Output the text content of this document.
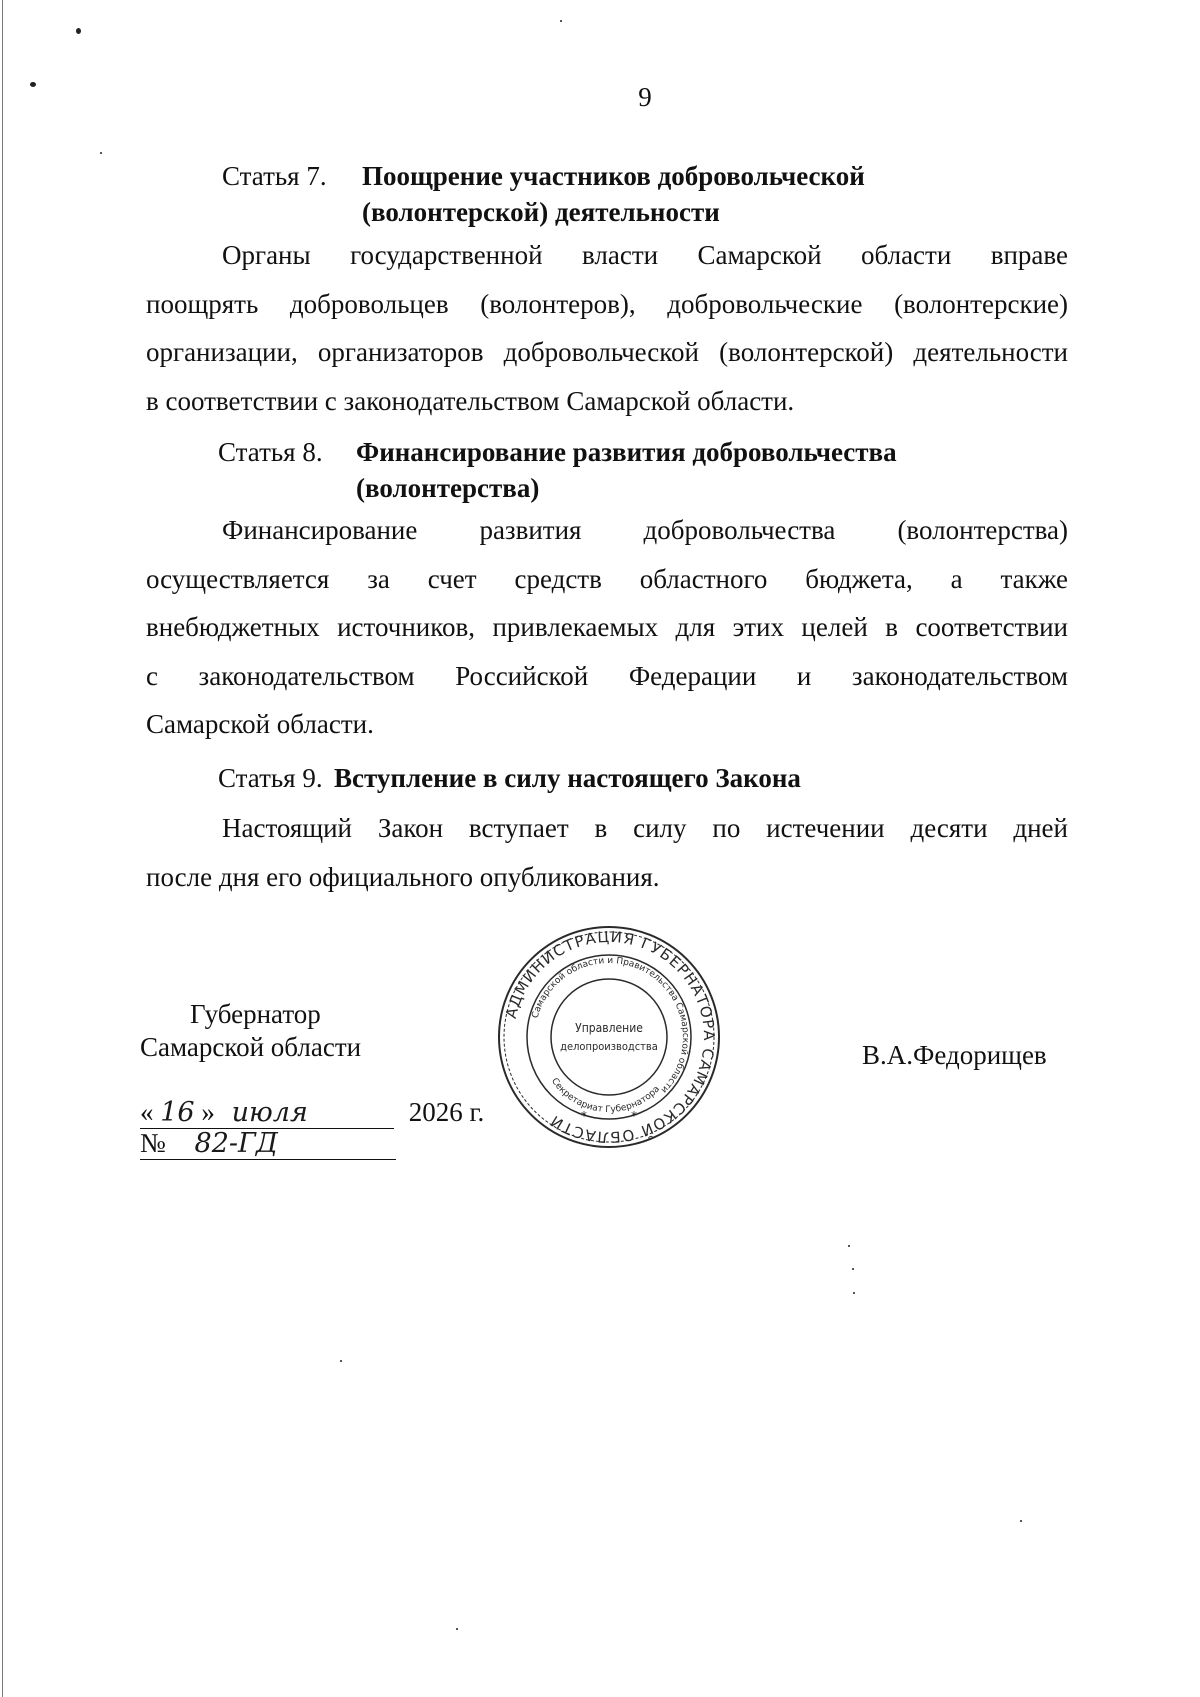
9
Статья 7. Поощрение участников добровольческой
(волонтерской) деятельности
Органы государственной власти Самарской области вправе
поощрять добровольцев (волонтеров), добровольческие (волонтерские)
организации, организаторов добровольческой (волонтерской) деятельности
в соответствии с законодательством Самарской области.
Статья 8. Финансирование развития добровольчества
(волонтерства)
Финансирование развития добровольчества (волонтерства)
осуществляется за счет средств областного бюджета, а также
внебюджетных источников, привлекаемых для этих целей в соответствии
с законодательством Российской Федерации и законодательством
Самарской области.
Статья 9. Вступление в силу настоящего Закона
Настоящий Закон вступает в силу по истечении десяти дней
после дня его официального опубликования.
Губернатор
Самарской области	В.А.Федорищев
« 16 » июля	2026 г.
№ 82-ГД
АДМИНИСТРАЦИЯ ГУБЕРНАТОРА САМАРСКОЙ ОБЛАСТИ
Самарской области и Правительства Самарской области
Секретариат Губернатора
Управление
делопроизводства
*	*
